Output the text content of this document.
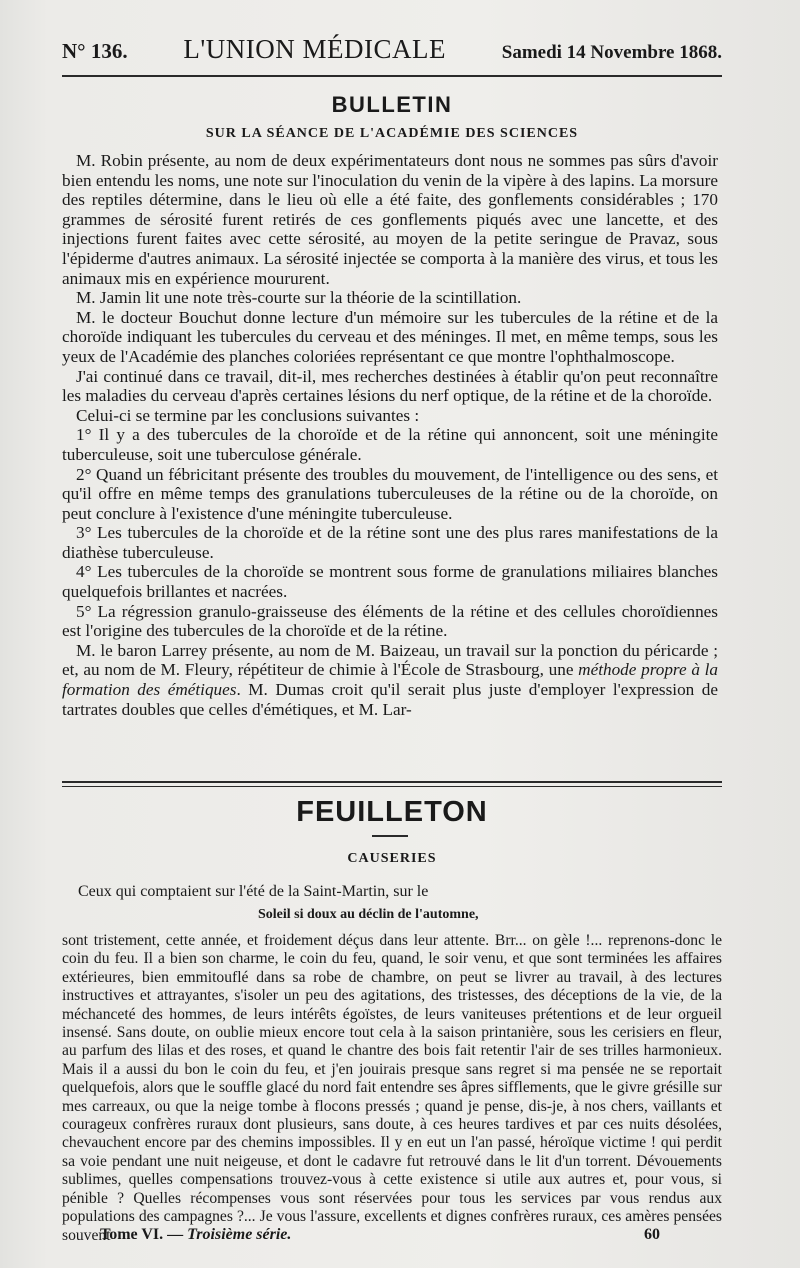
N° 136. L'UNION MÉDICALE	Samedi 14 Novembre 1868.
BULLETIN
SUR LA SÉANCE DE L'ACADÉMIE DES SCIENCES

M. Robin présente, au nom de deux expérimentateurs dont nous ne sommes pas sûrs d'avoir bien entendu les noms, une note sur l'inoculation du venin de la vipère à des lapins. La morsure des reptiles détermine, dans le lieu où elle a été faite, des gonflements considérables ; 170 grammes de sérosité furent retirés de ces gonflements piqués avec une lancette, et des injections furent faites avec cette sérosité, au moyen de la petite seringue de Pravaz, sous l'épiderme d'autres animaux. La sérosité injectée se comporta à la manière des virus, et tous les animaux mis en expérience moururent.

M. Jamin lit une note très-courte sur la théorie de la scintillation.

M. le docteur Bouchut donne lecture d'un mémoire sur les tubercules de la rétine et de la choroïde indiquant les tubercules du cerveau et des méninges. Il met, en même temps, sous les yeux de l'Académie des planches coloriées représentant ce que montre l'ophthalmoscope.

J'ai continué dans ce travail, dit-il, mes recherches destinées à établir qu'on peut reconnaître les maladies du cerveau d'après certaines lésions du nerf optique, de la rétine et de la choroïde.

Celui-ci se termine par les conclusions suivantes :

1° Il y a des tubercules de la choroïde et de la rétine qui annoncent, soit une méningite tuberculeuse, soit une tuberculose générale.

2° Quand un fébricitant présente des troubles du mouvement, de l'intelligence ou des sens, et qu'il offre en même temps des granulations tuberculeuses de la rétine ou de la choroïde, on peut conclure à l'existence d'une méningite tuberculeuse.

3° Les tubercules de la choroïde et de la rétine sont une des plus rares manifestations de la diathèse tuberculeuse.

4° Les tubercules de la choroïde se montrent sous forme de granulations miliaires blanches quelquefois brillantes et nacrées.

5° La régression granulo-graisseuse des éléments de la rétine et des cellules choroïdiennes est l'origine des tubercules de la choroïde et de la rétine.

M. le baron Larrey présente, au nom de M. Baizeau, un travail sur la ponction du péricarde ; et, au nom de M. Fleury, répétiteur de chimie à l'École de Strasbourg, une méthode propre à la formation des émétiques. M. Dumas croit qu'il serait plus juste d'employer l'expression de tartrates doubles que celles d'émétiques, et M. Lar-

FEUILLETON
CAUSERIES
Ceux qui comptaient sur l'été de la Saint-Martin, sur le
Soleil si doux au déclin de l'automne,

sont tristement, cette année, et froidement déçus dans leur attente. Brr... on gèle !... reprenons-donc le coin du feu. Il a bien son charme, le coin du feu, quand, le soir venu, et que sont terminées les affaires extérieures, bien emmitouflé dans sa robe de chambre, on peut se livrer au travail, à des lectures instructives et attrayantes, s'isoler un peu des agitations, des tristesses, des déceptions de la vie, de la méchanceté des hommes, de leurs intérêts égoïstes, de leurs vaniteuses prétentions et de leur orgueil insensé. Sans doute, on oublie mieux encore tout cela à la saison printanière, sous les cerisiers en fleur, au parfum des lilas et des roses, et quand le chantre des bois fait retentir l'air de ses trilles harmonieux. Mais il a aussi du bon le coin du feu, et j'en jouirais presque sans regret si ma pensée ne se reportait quelquefois, alors que le souffle glacé du nord fait entendre ses âpres sifflements, que le givre grésille sur mes carreaux, ou que la neige tombe à flocons pressés ; quand je pense, dis-je, à nos chers, vaillants et courageux confrères ruraux dont plusieurs, sans doute, à ces heures tardives et par ces nuits désolées, chevauchent encore par des chemins impossibles. Il y en eut un l'an passé, héroïque victime ! qui perdit sa voie pendant une nuit neigeuse, et dont le cadavre fut retrouvé dans le lit d'un torrent. Dévouements sublimes, quelles compensations trouvez-vous à cette existence si utile aux autres et, pour vous, si pénible ? Quelles récompenses vous sont réservées pour tous les services par vous rendus aux populations des campagnes ?... Je vous l'assure, excellents et dignes confrères ruraux, ces amères pensées souvent

Tome VI. — Troisième série.	60
